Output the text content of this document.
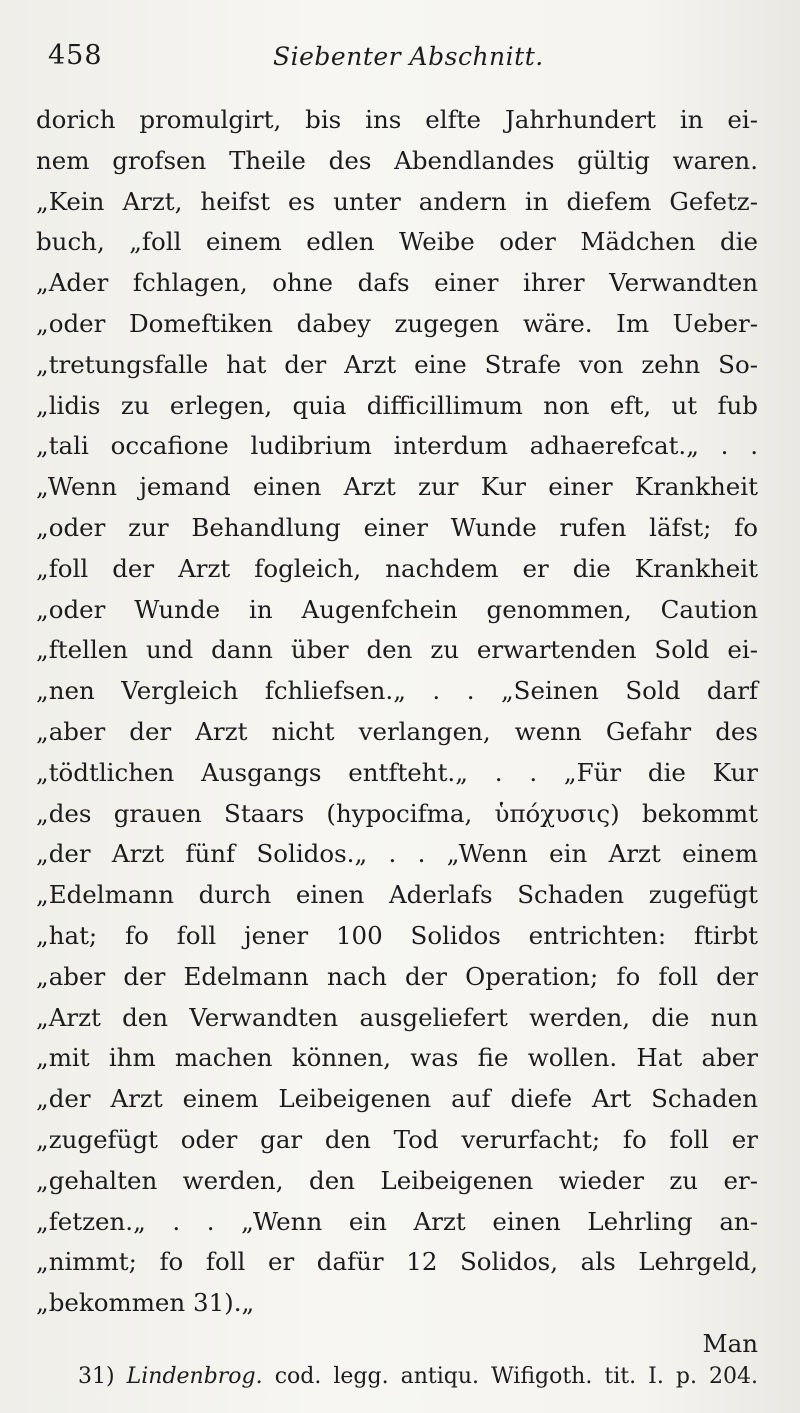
458	Siebenter Abschnitt.
dorich promulgirt, bis ins elfte Jahrhundert in ei-
nem grofsen Theile des Abendlandes gültig waren.
„Kein Arzt, heifst es unter andern in diefem Gefetz-
buch, „foll einem edlen Weibe oder Mädchen die
„Ader fchlagen, ohne dafs einer ihrer Verwandten
„oder Domeftiken dabey zugegen wäre. Im Ueber-
„tretungsfalle hat der Arzt eine Strafe von zehn So-
„lidis zu erlegen, quia difficillimum non eft, ut fub
„tali occafione ludibrium interdum adhaerefcat.„ . .
„Wenn jemand einen Arzt zur Kur einer Krankheit
„oder zur Behandlung einer Wunde rufen läfst; fo
„foll der Arzt fogleich, nachdem er die Krankheit
„oder Wunde in Augenfchein genommen, Caution
„ftellen und dann über den zu erwartenden Sold ei-
„nen Vergleich fchliefsen.„ . . „Seinen Sold darf
„aber der Arzt nicht verlangen, wenn Gefahr des
„tödtlichen Ausgangs entfteht.„ . . „Für die Kur
„des grauen Staars (hypocifma, ὑπόχυσις) bekommt
„der Arzt fünf Solidos.„ . . „Wenn ein Arzt einem
„Edelmann durch einen Aderlafs Schaden zugefügt
„hat; fo foll jener 100 Solidos entrichten: ftirbt
„aber der Edelmann nach der Operation; fo foll der
„Arzt den Verwandten ausgeliefert werden, die nun
„mit ihm machen können, was fie wollen. Hat aber
„der Arzt einem Leibeigenen auf diefe Art Schaden
„zugefügt oder gar den Tod verurfacht; fo foll er
„gehalten werden, den Leibeigenen wieder zu er-
„fetzen.„ . . „Wenn ein Arzt einen Lehrling an-
„nimmt; fo foll er dafür 12 Solidos, als Lehrgeld,
„bekommen 31).„
Man
31) Lindenbrog. cod. legg. antiqu. Wifigoth. tit. I. p. 204.
